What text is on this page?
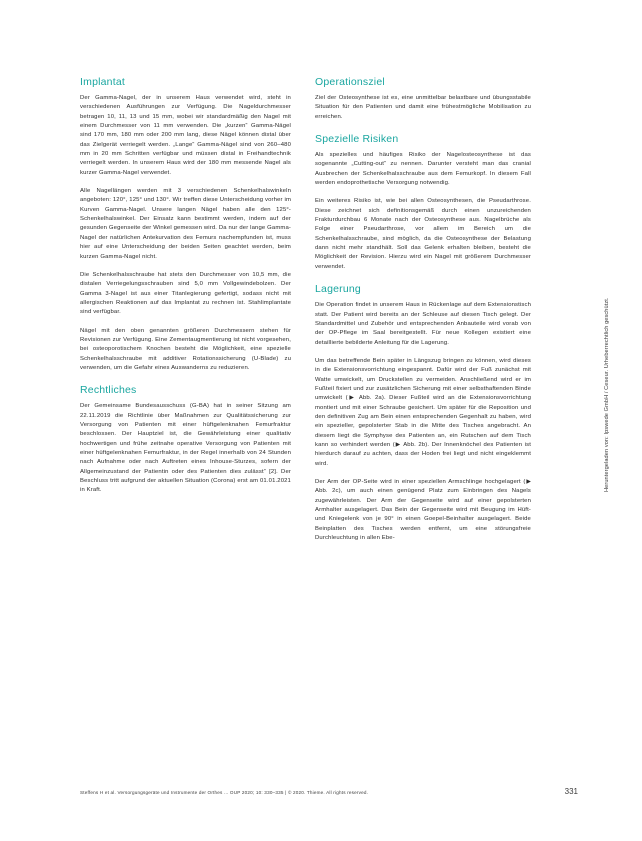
Implantat

Der Gamma-Nagel, der in unserem Haus verwendet wird, steht in verschiedenen Ausführungen zur Verfügung. Die Nageldurchmesser betragen 10, 11, 13 und 15 mm, wobei wir standardmäßig den Nagel mit einem Durchmesser von 11 mm verwenden. Die „kurzen“ Gamma-Nägel sind 170 mm, 180 mm oder 200 mm lang, diese Nägel können distal über das Zielgerät verriegelt werden. „Lange“ Gamma-Nägel sind von 260–480 mm in 20 mm Schritten verfügbar und müssen distal in Freihandtechnik verriegelt werden. In unserem Haus wird der 180 mm messende Nagel als kurzer Gamma-Nagel verwendet.

Alle Nagellängen werden mit 3 verschiedenen Schenkelhalswinkeln angeboten: 120°, 125° und 130°. Wir treffen diese Unterscheidung vorher im Kurven Gamma-Nagel. Unsere langen Nägel haben alle den 125°-Schenkelhalswinkel. Der Einsatz kann bestimmt werden, indem auf der gesunden Gegenseite der Winkel gemessen wird. Da nur der lange Gamma-Nagel der natürlichen Antekurvation des Femurs nachempfunden ist, muss hier auf eine Unterscheidung der beiden Seiten geachtet werden, beim kurzen Gamma-Nagel nicht.

Die Schenkelhalsschraube hat stets den Durchmesser von 10,5 mm, die distalen Verriegelungsschrauben sind 5,0 mm Vollgewindebolzen. Der Gamma 3-Nagel ist aus einer Titanlegierung gefertigt, sodass nicht mit allergischen Reaktionen auf das Implantat zu rechnen ist. Stahlimplantate sind verfügbar.

Nägel mit den oben genannten größeren Durchmessern stehen für Revisionen zur Verfügung. Eine Zementaugmentierung ist nicht vorgesehen, bei osteoporotischem Knochen besteht die Möglichkeit, eine spezielle Schenkelhalsschraube mit additiver Rotationssicherung (U-Blade) zu verwenden, um die Gefahr eines Auswanderns zu reduzieren.

Rechtliches

Der Gemeinsame Bundesausschuss (G-BA) hat in seiner Sitzung am 22.11.2019 die Richtlinie über Maßnahmen zur Qualitätssicherung zur Versorgung von Patienten mit einer hüftgelenknahen Femurfraktur beschlossen. Der Hauptziel ist, die Gewährleistung einer qualitativ hochwertigen und frühe zeitnahe operative Versorgung von Patienten mit einer hüftgelenknahen Femurfraktur, in der Regel innerhalb von 24 Stunden nach Aufnahme oder nach Auftreten eines Inhouse-Sturzes, sofern der Allgemeinzustand der Patientin oder des Patienten dies zulässt“ [2]. Der Beschluss tritt aufgrund der aktuellen Situation (Corona) erst am 01.01.2021 in Kraft.

Operationsziel

Ziel der Osteosynthese ist es, eine unmittelbar belastbare und übungsstabile Situation für den Patienten und damit eine frühestmögliche Mobilisation zu erreichen.

Spezielle Risiken

Als spezielles und häufiges Risiko der Nagelosteosynthese ist das sogenannte „Cutting-out“ zu nennen. Darunter versteht man das cranial Ausbrechen der Schenkelhalsschraube aus dem Femurkopf. In diesem Fall werden endoprothetische Versorgung notwendig.

Ein weiteres Risiko ist, wie bei allen Osteosynthesen, die Pseudarthrose. Diese zeichnet sich definitionsgemäß durch einen unzureichenden Frakturdurchbau 6 Monate nach der Osteosynthese aus. Nagelbrüche als Folge einer Pseudarthrose, vor allem im Bereich um die Schenkelhalsschraube, sind möglich, da die Osteosynthese der Belastung dann nicht mehr standhält. Soll das Gelenk erhalten bleiben, besteht die Möglichkeit der Revision. Hierzu wird ein Nagel mit größerem Durchmesser verwendet.

Lagerung

Die Operation findet in unserem Haus in Rückenlage auf dem Extensionstisch statt. Der Patient wird bereits an der Schleuse auf diesen Tisch gelegt. Der Standardmittel und Zubehör und entsprechenden Anbauteile wird vorab von der OP-Pflege im Saal bereitgestellt. Für neue Kollegen existiert eine detaillierte bebilderte Anleitung für die Lagerung.

Um das betreffende Bein später in Längszug bringen zu können, wird dieses in die Extensionsvorrichtung eingespannt. Dafür wird der Fuß zunächst mit Watte umwickelt, um Druckstellen zu vermeiden. Anschließend wird er im Fußteil fixiert und zur zusätzlichen Sicherung mit einer selbsthaftenden Binde umwickelt (▶ Abb. 2a). Dieser Fußteil wird an die Extensionsvorrichtung montiert und mit einer Schraube gesichert. Um später für die Reposition und den definitiven Zug am Bein einen entsprechenden Gegenhalt zu haben, wird ein spezieller, gepolsterter Stab in die Mitte des Tisches angebracht. An diesem liegt die Symphyse des Patienten an, ein Rutschen auf dem Tisch kann so verhindert werden (▶ Abb. 2b). Der Innenknöchel des Patienten ist hierdurch darauf zu achten, dass der Hoden frei liegt und nicht eingeklemmt wird.

Der Arm der OP-Seite wird in einer speziellen Armschlinge hochgelagert (▶ Abb. 2c), um auch einen genügend Platz zum Einbringen des Nagels zugewährleisten. Der Arm der Gegenseite wird auf einer gepolsterten Armhalter ausgelagert. Das Bein der Gegenseite wird mit Beugung im Hüft- und Kniegelenk von je 90° in einen Goepel-Beinhalter ausgelagert. Beide Beinplatten des Tisches werden entfernt, um eine störungsfreie Durchleuchtung in allen Ebe-

Heruntergeladen von: Ipswede GmbH / Ceseur. Urheberrechtlich geschützt.
Steffens H et al. Versorgungsgeräte und Instrumente der Orthes ... OUP 2020; 10: 330–335 | © 2020. Thieme. All rights reserved.	331
